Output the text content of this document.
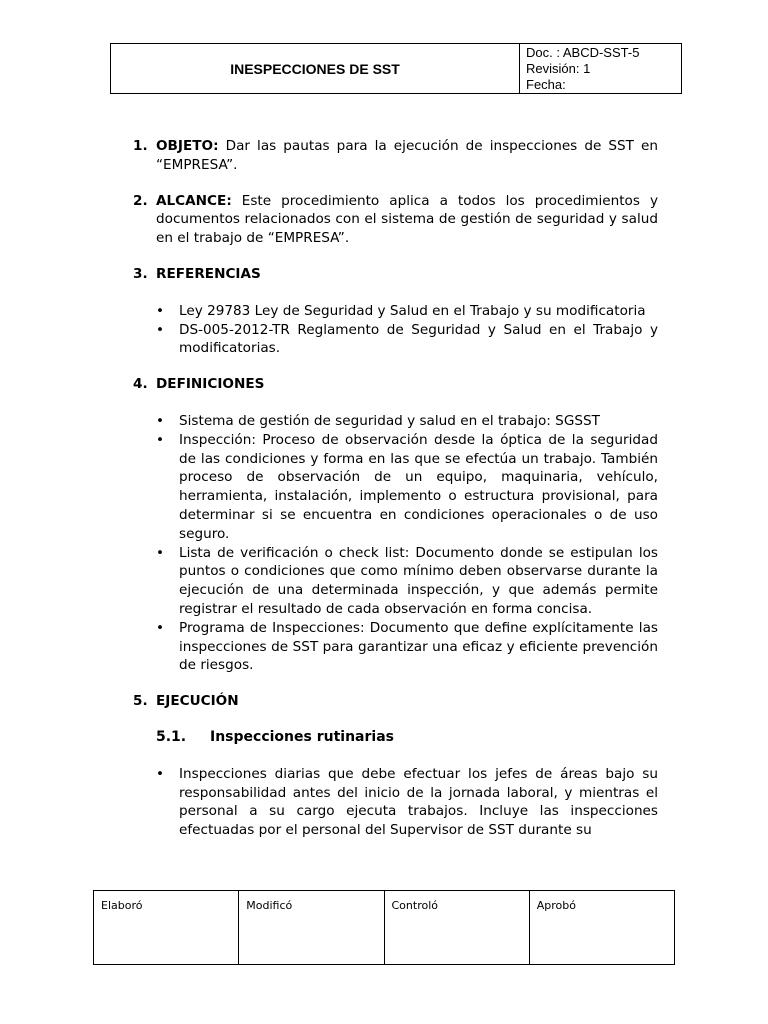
INESPECCIONES DE SST
Doc. : ABCD-SST-5
Revisión: 1
Fecha:
1. OBJETO: Dar las pautas para la ejecución de inspecciones de SST en “EMPRESA”.
2. ALCANCE: Este procedimiento aplica a todos los procedimientos y documentos relacionados con el sistema de gestión de seguridad y salud en el trabajo de “EMPRESA”.
3. REFERENCIAS
• Ley 29783 Ley de Seguridad y Salud en el Trabajo y su modificatoria
• DS-005-2012-TR Reglamento de Seguridad y Salud en el Trabajo y modificatorias.
4. DEFINICIONES
• Sistema de gestión de seguridad y salud en el trabajo: SGSST
• Inspección: Proceso de observación desde la óptica de la seguridad de las condiciones y forma en las que se efectúa un trabajo. También proceso de observación de un equipo, maquinaria, vehículo, herramienta, instalación, implemento o estructura provisional, para determinar si se encuentra en condiciones operacionales o de uso seguro.
• Lista de verificación o check list: Documento donde se estipulan los puntos o condiciones que como mínimo deben observarse durante la ejecución de una determinada inspección, y que además permite registrar el resultado de cada observación en forma concisa.
• Programa de Inspecciones: Documento que define explícitamente las inspecciones de SST para garantizar una eficaz y eficiente prevención de riesgos.
5. EJECUCIÓN
5.1.	Inspecciones rutinarias
• Inspecciones diarias que debe efectuar los jefes de áreas bajo su responsabilidad antes del inicio de la jornada laboral, y mientras el personal a su cargo ejecuta trabajos. Incluye las inspecciones efectuadas por el personal del Supervisor de SST durante su
Elaboró	Modificó	Controló	Aprobó
